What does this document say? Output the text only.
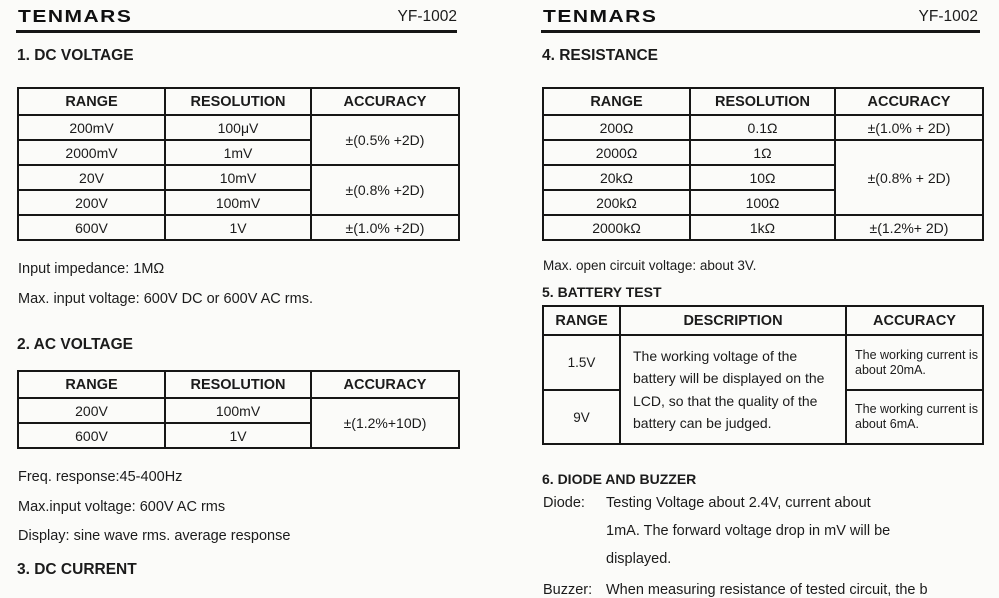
TENMARS	YF-1002
1. DC VOLTAGE
RANGE	RESOLUTION	ACCURACY
200mV	100μV	±(0.5% +2D)
2000mV	1mV	
20V	10mV	±(0.8% +2D)
200V	100mV	
600V	1V	±(1.0% +2D)
Input impedance: 1MΩ
Max. input voltage: 600V DC or 600V AC rms.
2. AC VOLTAGE
RANGE	RESOLUTION	ACCURACY
200V	100mV	±(1.2%+10D)
600V	1V	
Freq. response:45-400Hz
Max.input voltage: 600V AC rms
Display: sine wave rms. average response
3. DC CURRENT
TENMARS	YF-1002
4. RESISTANCE
RANGE	RESOLUTION	ACCURACY
200Ω	0.1Ω	±(1.0% + 2D)
2000Ω	1Ω	±(0.8% + 2D)
20kΩ	10Ω	
200kΩ	100Ω	
2000kΩ	1kΩ	±(1.2%+ 2D)
Max. open circuit voltage: about 3V.
5. BATTERY TEST
RANGE	DESCRIPTION	ACCURACY
1.5V	The working voltage of the battery will be displayed on the LCD, so that the quality of the battery can be judged.	The working current is about 20mA.
9V		The working current is about 6mA.
6. DIODE AND BUZZER
Diode: Testing Voltage about 2.4V, current about
1mA. The forward voltage drop in mV will be
displayed.
Buzzer: When measuring resistance of tested circuit, the b
